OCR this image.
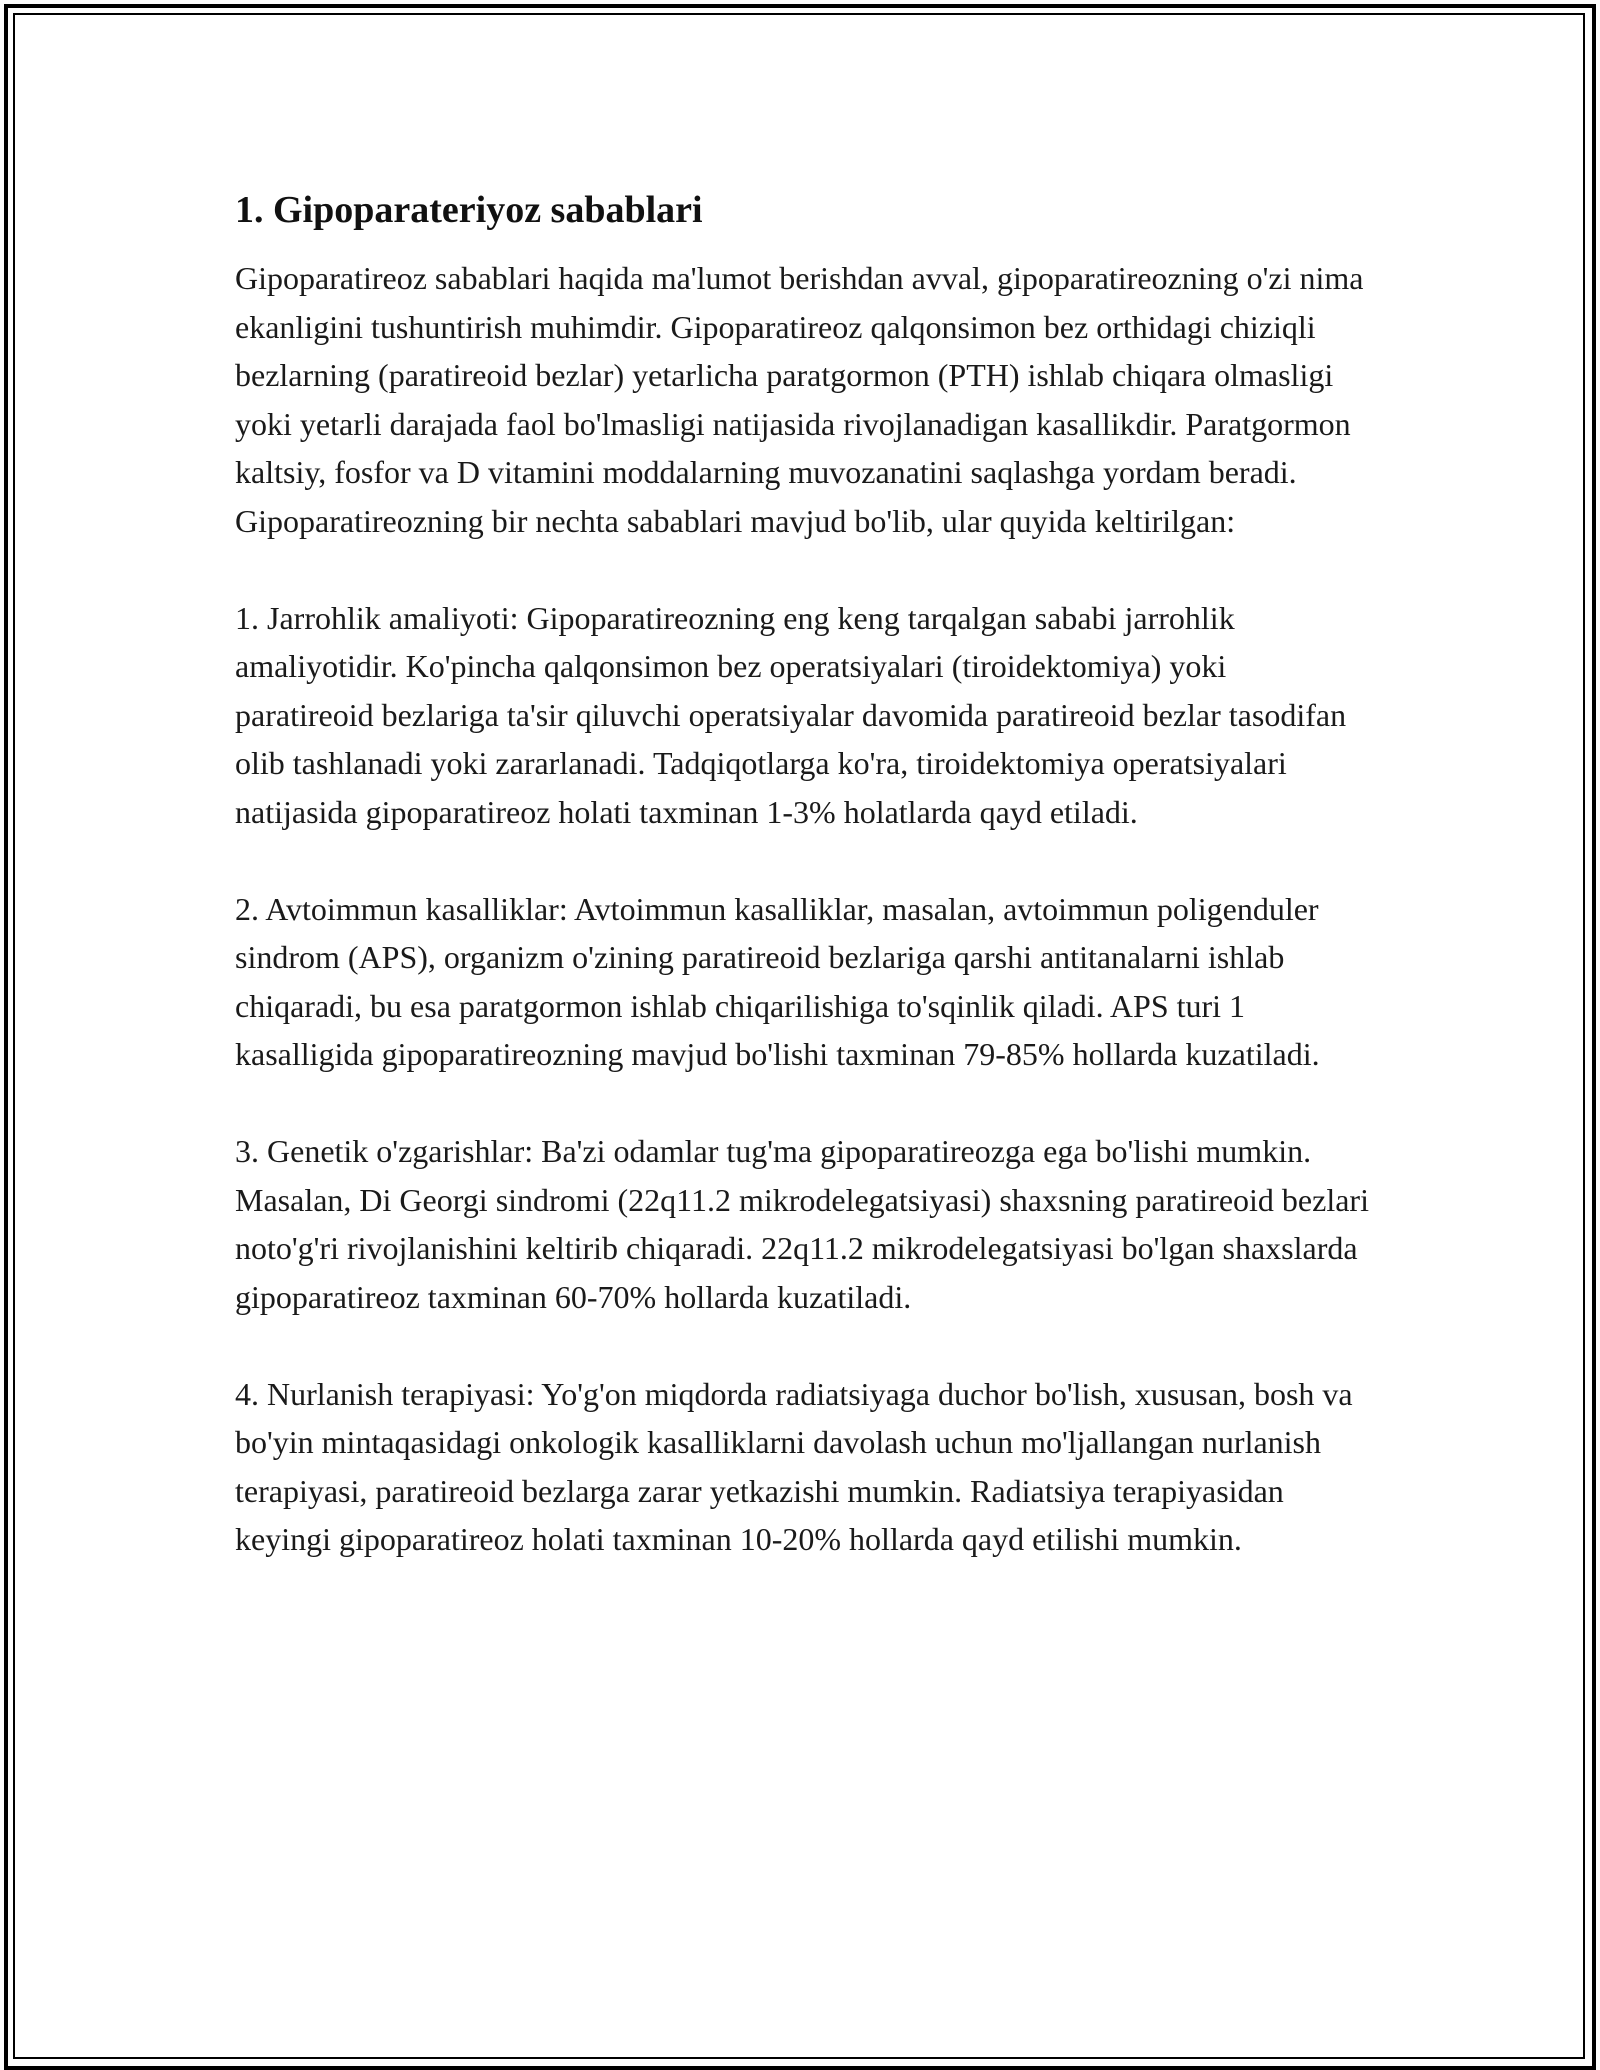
1. Gipoparateriyoz sabablari

Gipoparatireoz sabablari haqida ma'lumot berishdan avval, gipoparatireozning o'zi nima ekanligini tushuntirish muhimdir. Gipoparatireoz qalqonsimon bez orthidagi chiziqli bezlarning (paratireoid bezlar) yetarlicha paratgormon (PTH) ishlab chiqara olmasligi yoki yetarli darajada faol bo'lmasligi natijasida rivojlanadigan kasallikdir. Paratgormon kaltsiy, fosfor va D vitamini moddalarning muvozanatini saqlashga yordam beradi. Gipoparatireozning bir nechta sabablari mavjud bo'lib, ular quyida keltirilgan:

1. Jarrohlik amaliyoti: Gipoparatireozning eng keng tarqalgan sababi jarrohlik amaliyotidir. Ko'pincha qalqonsimon bez operatsiyalari (tiroidektomiya) yoki paratireoid bezlariga ta'sir qiluvchi operatsiyalar davomida paratireoid bezlar tasodifan olib tashlanadi yoki zararlanadi. Tadqiqotlarga ko'ra, tiroidektomiya operatsiyalari natijasida gipoparatireoz holati taxminan 1-3% holatlarda qayd etiladi.

2. Avtoimmun kasalliklar: Avtoimmun kasalliklar, masalan, avtoimmun poligenduler sindrom (APS), organizm o'zining paratireoid bezlariga qarshi antitanalarni ishlab chiqaradi, bu esa paratgormon ishlab chiqarilishiga to'sqinlik qiladi. APS turi 1 kasalligida gipoparatireozning mavjud bo'lishi taxminan 79-85% hollarda kuzatiladi.

3. Genetik o'zgarishlar: Ba'zi odamlar tug'ma gipoparatireozga ega bo'lishi mumkin. Masalan, Di Georgi sindromi (22q11.2 mikrodelegatsiyasi) shaxsning paratireoid bezlari noto'g'ri rivojlanishini keltirib chiqaradi. 22q11.2 mikrodelegatsiyasi bo'lgan shaxslarda gipoparatireoz taxminan 60-70% hollarda kuzatiladi.

4. Nurlanish terapiyasi: Yo'g'on miqdorda radiatsiyaga duchor bo'lish, xususan, bosh va bo'yin mintaqasidagi onkologik kasalliklarni davolash uchun mo'ljallangan nurlanish terapiyasi, paratireoid bezlarga zarar yetkazishi mumkin. Radiatsiya terapiyasidan keyingi gipoparatireoz holati taxminan 10-20% hollarda qayd etilishi mumkin.
